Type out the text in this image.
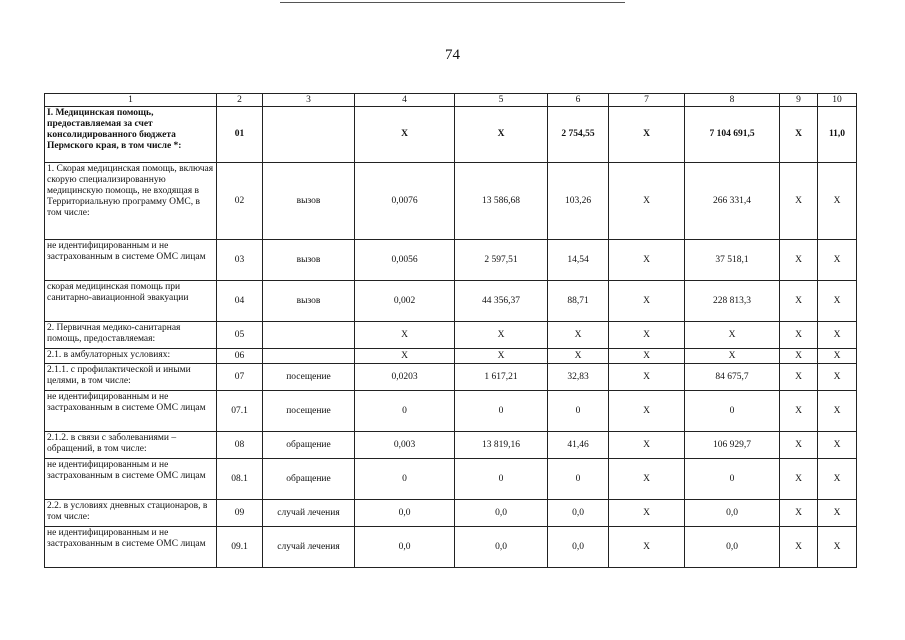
74
1	2	3	4	5	6	7	8	9	10
I. Медицинская помощь, предоставляемая за счет консолидированного бюджета Пермского края, в том числе *:	01		Х	Х	2 754,55	Х	7 104 691,5	Х	11,0
1. Скорая медицинская помощь, включая скорую специализированную медицинскую помощь, не входящая в Территориальную программу ОМС, в том числе:	02	вызов	0,0076	13 586,68	103,26	Х	266 331,4	Х	Х
не идентифицированным и не застрахованным в системе ОМС лицам	03	вызов	0,0056	2 597,51	14,54	Х	37 518,1	Х	Х
скорая медицинская помощь при санитарно-авиационной эвакуации	04	вызов	0,002	44 356,37	88,71	Х	228 813,3	Х	Х
2. Первичная медико-санитарная помощь, предоставляемая:	05		Х	Х	Х	Х	Х	Х	Х
2.1. в амбулаторных условиях:	06		Х	Х	Х	Х	Х	Х	Х
2.1.1. с профилактической и иными целями, в том числе:	07	посещение	0,0203	1 617,21	32,83	Х	84 675,7	Х	Х
не идентифицированным и не застрахованным в системе ОМС лицам	07.1	посещение	0	0	0	Х	0	Х	Х
2.1.2. в связи с заболеваниями – обращений, в том числе:	08	обращение	0,003	13 819,16	41,46	Х	106 929,7	Х	Х
не идентифицированным и не застрахованным в системе ОМС лицам	08.1	обращение	0	0	0	Х	0	Х	Х
2.2. в условиях дневных стационаров, в том числе:	09	случай лечения	0,0	0,0	0,0	Х	0,0	Х	Х
не идентифицированным и не застрахованным в системе ОМС лицам	09.1	случай лечения	0,0	0,0	0,0	Х	0,0	Х	Х
